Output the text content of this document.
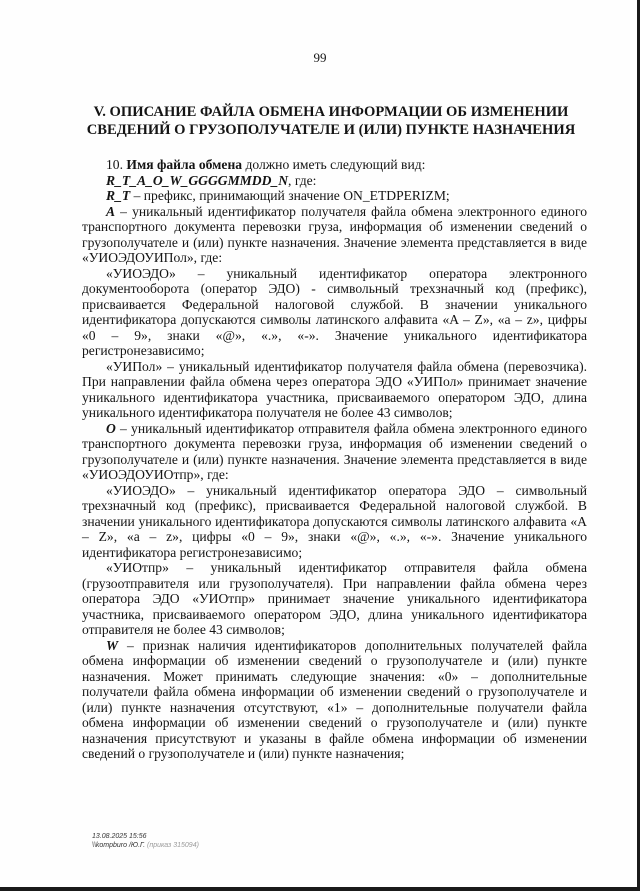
99
V. ОПИСАНИЕ ФАЙЛА ОБМЕНА ИНФОРМАЦИИ ОБ ИЗМЕНЕНИИ
СВЕДЕНИЙ О ГРУЗОПОЛУЧАТЕЛЕ И (ИЛИ) ПУНКТЕ НАЗНАЧЕНИЯ

10. Имя файла обмена должно иметь следующий вид:

R_T_A_O_W_GGGGMMDD_N, где:

R_T – префикс, принимающий значение ON_ETDPERIZM;

A – уникальный идентификатор получателя файла обмена электронного единого транспортного документа перевозки груза, информация об изменении сведений о грузополучателе и (или) пункте назначения. Значение элемента представляется в виде «УИОЭДОУИПол», где:

«УИОЭДО» – уникальный идентификатор оператора электронного документооборота (оператор ЭДО) - символьный трехзначный код (префикс), присваивается Федеральной налоговой службой. В значении уникального идентификатора допускаются символы латинского алфавита «A – Z», «a – z», цифры «0 – 9», знаки «@», «.», «-». Значение уникального идентификатора регистронезависимо;

«УИПол» – уникальный идентификатор получателя файла обмена (перевозчика). При направлении файла обмена через оператора ЭДО «УИПол» принимает значение уникального идентификатора участника, присваиваемого оператором ЭДО, длина уникального идентификатора получателя не более 43 символов;

O – уникальный идентификатор отправителя файла обмена электронного единого транспортного документа перевозки груза, информация об изменении сведений о грузополучателе и (или) пункте назначения. Значение элемента представляется в виде «УИОЭДОУИОтпр», где:

«УИОЭДО» – уникальный идентификатор оператора ЭДО – символьный трехзначный код (префикс), присваивается Федеральной налоговой службой. В значении уникального идентификатора допускаются символы латинского алфавита «A – Z», «a – z», цифры «0 – 9», знаки «@», «.», «-». Значение уникального идентификатора регистронезависимо;

«УИОтпр» – уникальный идентификатор отправителя файла обмена (грузоотправителя или грузополучателя). При направлении файла обмена через оператора ЭДО «УИОтпр» принимает значение уникального идентификатора участника, присваиваемого оператором ЭДО, длина уникального идентификатора отправителя не более 43 символов;

W – признак наличия идентификаторов дополнительных получателей файла обмена информации об изменении сведений о грузополучателе и (или) пункте назначения. Может принимать следующие значения: «0» – дополнительные получатели файла обмена информации об изменении сведений о грузополучателе и (или) пункте назначения отсутствуют, «1» – дополнительные получатели файла обмена информации об изменении сведений о грузополучателе и (или) пункте назначения присутствуют и указаны в файле обмена информации об изменении сведений о грузополучателе и (или) пункте назначения;

13.08.2025 15:56
\\kompburo /Ю.Г. (приказ 315094)
